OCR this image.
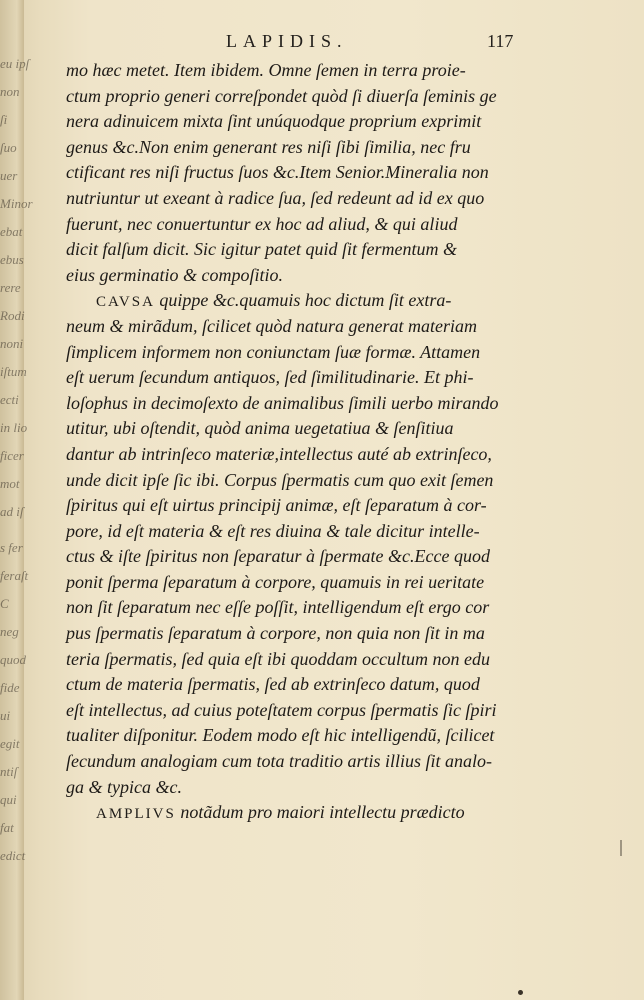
eu ipſ
non
ſi
ſuo
uer
Minor
ebat
ebus
rere
Rodi
noni
iſtum
ecti
in lio
ficer
mot
ad iſ
s fer
feraſt
C
neg
quod
fide
ui
egit
ntiſ
qui
fat
edict
LAPIDIS.	117
mo hæc metet. Item ibidem. Omne ſemen in terra proie-
ctum proprio generi correſpondet quòd ſi diuerſa ſeminis ge
nera adinuicem mixta ſint unúquodque proprium exprimit
genus &c.Non enim generant res niſi ſibi ſimilia, nec fru
ctificant res niſi fructus ſuos &c.Item Senior.Mineralia non
nutriuntur ut exeant à radice ſua, ſed redeunt ad id ex quo
fuerunt, nec conuertuntur ex hoc ad aliud, & qui aliud
dicit falſum dicit. Sic igitur patet quid ſit fermentum &
eius germinatio & compoſitio.
CAVSA quippe &c.quamuis hoc dictum ſit extra-
neum & mirãdum, ſcilicet quòd natura generat materiam
ſimplicem informem non coniunctam ſuæ formæ. Attamen
eſt uerum ſecundum antiquos, ſed ſimilitudinarie. Et phi-
loſophus in decimoſexto de animalibus ſimili uerbo mirando
utitur, ubi oſtendit, quòd anima uegetatiua & ſenſitiua
dantur ab intrinſeco materiæ,intellectus auté ab extrinſeco,
unde dicit ipſe ſic ibi. Corpus ſpermatis cum quo exit ſemen
ſpiritus qui eſt uirtus principij animæ, eſt ſeparatum à cor-
pore, id eſt materia & eſt res diuina & tale dicitur intelle-
ctus & iſte ſpiritus non ſeparatur à ſpermate &c.Ecce quod
ponit ſperma ſeparatum à corpore, quamuis in rei ueritate
non ſit ſeparatum nec eſſe poſſit, intelligendum eſt ergo cor
pus ſpermatis ſeparatum à corpore, non quia non ſit in ma
teria ſpermatis, ſed quia eſt ibi quoddam occultum non edu
ctum de materia ſpermatis, ſed ab extrinſeco datum, quod
eſt intellectus, ad cuius poteſtatem corpus ſpermatis ſic ſpiri
tualiter diſponitur. Eodem modo eſt hic intelligendũ, ſcilicet
ſecundum analogiam cum tota traditio artis illius ſit analo-
ga & typica &c.
AMPLIVS notãdum pro maiori intellectu prædicto
